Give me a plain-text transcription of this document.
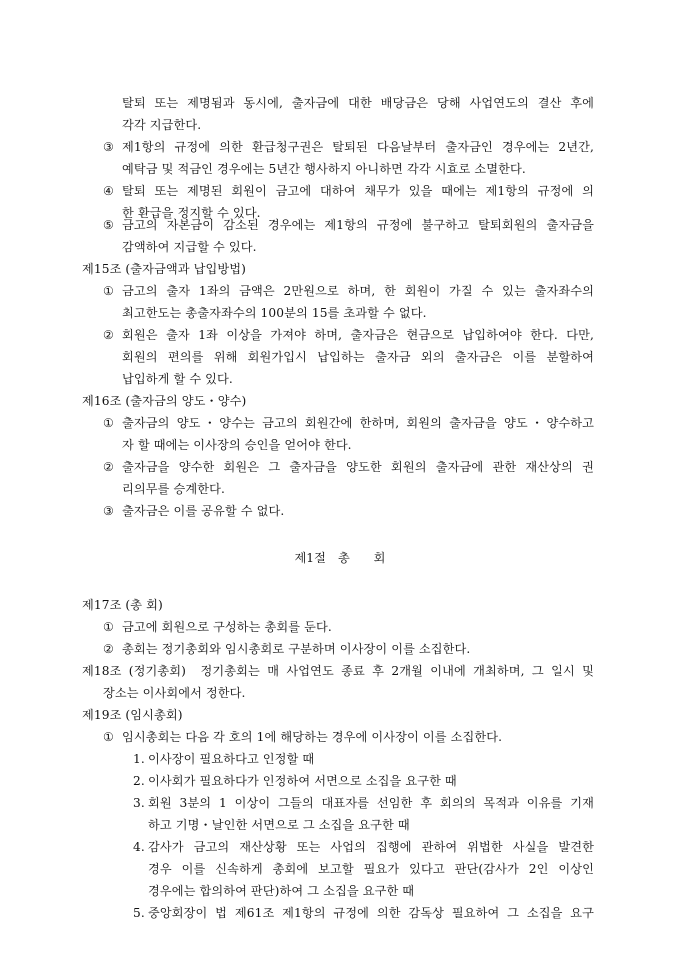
탈퇴 또는 제명됨과 동시에, 출자금에 대한 배당금은 당해 사업연도의 결산 후에
각각 지급한다.
③ 제1항의 규정에 의한 환급청구권은 탈퇴된 다음날부터 출자금인 경우에는 2년간,
예탁금 및 적금인 경우에는 5년간 행사하지 아니하면 각각 시효로 소멸한다.
④ 탈퇴 또는 제명된 회원이 금고에 대하여 채무가 있을 때에는 제1항의 규정에 의
한 환급을 정지할 수 있다.
⑤ 금고의 자본금이 감소된 경우에는 제1항의 규정에 불구하고 탈퇴회원의 출자금을
감액하여 지급할 수 있다.
제15조 (출자금액과 납입방법)
① 금고의 출자 1좌의 금액은 2만원으로 하며, 한 회원이 가질 수 있는 출자좌수의
최고한도는 총출자좌수의 100분의 15를 초과할 수 없다.
② 회원은 출자 1좌 이상을 가져야 하며, 출자금은 현금으로 납입하여야 한다. 다만,
회원의 편의를 위해 회원가입시 납입하는 출자금 외의 출자금은 이를 분할하여
납입하게 할 수 있다.
제16조 (출자금의 양도・양수)
① 출자금의 양도・양수는 금고의 회원간에 한하며, 회원의 출자금을 양도・양수하고
자 할 때에는 이사장의 승인을 얻어야 한다.
② 출자금을 양수한 회원은 그 출자금을 양도한 회원의 출자금에 관한 재산상의 권
리의무를 승계한다.
③ 출자금은 이를 공유할 수 없다.
제1절   총      회
제17조 (총 회)
① 금고에 회원으로 구성하는 총회를 둔다.
② 총회는 정기총회와 임시총회로 구분하며 이사장이 이를 소집한다.
제18조 (정기총회)  정기총회는 매 사업연도 종료 후 2개월 이내에 개최하며, 그 일시 및
장소는 이사회에서 정한다.
제19조 (임시총회)
① 임시총회는 다음 각 호의 1에 해당하는 경우에 이사장이 이를 소집한다.
1. 이사장이 필요하다고 인정할 때
2. 이사회가 필요하다가 인정하여 서면으로 소집을 요구한 때
3. 회원 3분의 1 이상이 그들의 대표자를 선임한 후 회의의 목적과 이유를 기재
하고 기명・날인한 서면으로 그 소집을 요구한 때
4. 감사가 금고의 재산상황 또는 사업의 집행에 관하여 위법한 사실을 발견한
경우 이를 신속하게 총회에 보고할 필요가 있다고 판단(감사가 2인 이상인
경우에는 합의하여 판단)하여 그 소집을 요구한 때
5. 중앙회장이 법 제61조 제1항의 규정에 의한 감독상 필요하여 그 소집을 요구
